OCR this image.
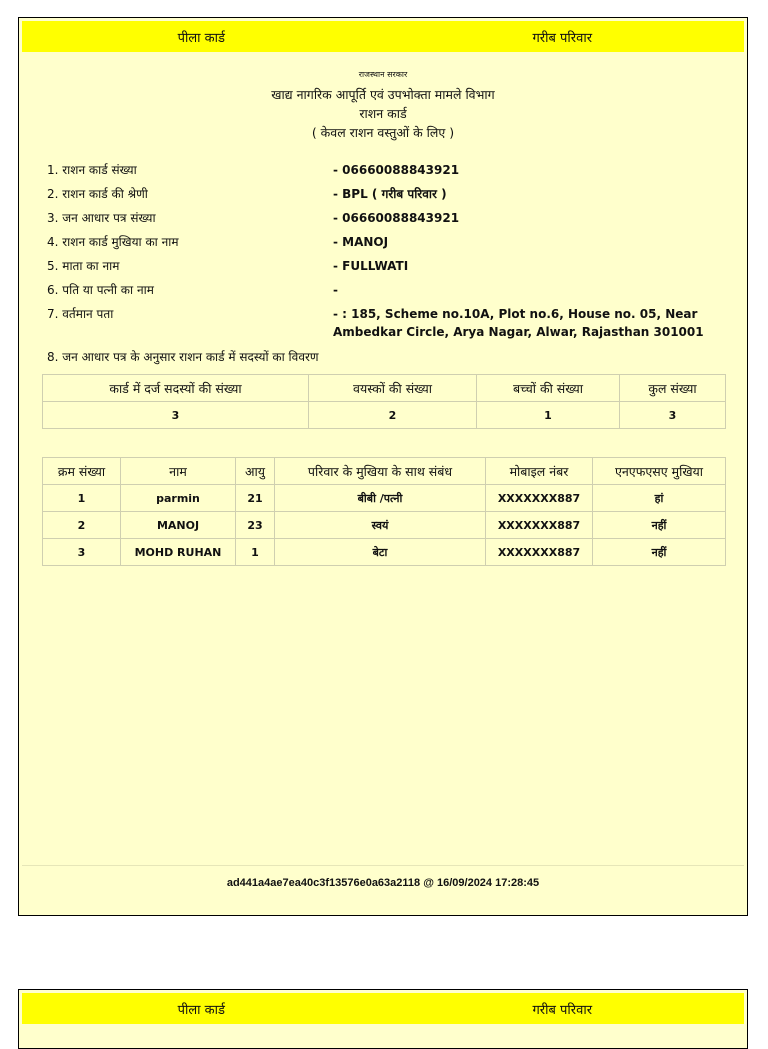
पीला कार्ड	गरीब परिवार
राजस्थान सरकार
खाद्य नागरिक आपूर्ति एवं उपभोक्ता मामले विभाग
राशन कार्ड
( केवल राशन वस्तुओं के लिए )
1. राशन कार्ड संख्या	- 06660088843921
2. राशन कार्ड की श्रेणी	- BPL ( गरीब परिवार )
3. जन आधार पत्र संख्या	- 06660088843921
4. राशन कार्ड मुखिया का नाम	- MANOJ
5. माता का नाम	- FULLWATI
6. पति या पत्नी का नाम	-
7. वर्तमान पता	- : 185, Scheme no.10A, Plot no.6, House no. 05, Near Ambedkar Circle, Arya Nagar, Alwar, Rajasthan 301001
8. जन आधार पत्र के अनुसार राशन कार्ड में सदस्यों का विवरण
कार्ड में दर्ज सदस्यों की संख्या	वयस्कों की संख्या	बच्चों की संख्या	कुल संख्या
3	2	1	3
क्रम संख्या	नाम	आयु	परिवार के मुखिया के साथ संबंध	मोबाइल नंबर	एनएफएसए मुखिया
1	parmin	21	बीबी /पत्नी	XXXXXXX887	हां
2	MANOJ	23	स्वयं	XXXXXXX887	नहीं
3	MOHD RUHAN	1	बेटा	XXXXXXX887	नहीं
ad441a4ae7ea40c3f13576e0a63a2118 @ 16/09/2024 17:28:45
पीला कार्ड	गरीब परिवार
